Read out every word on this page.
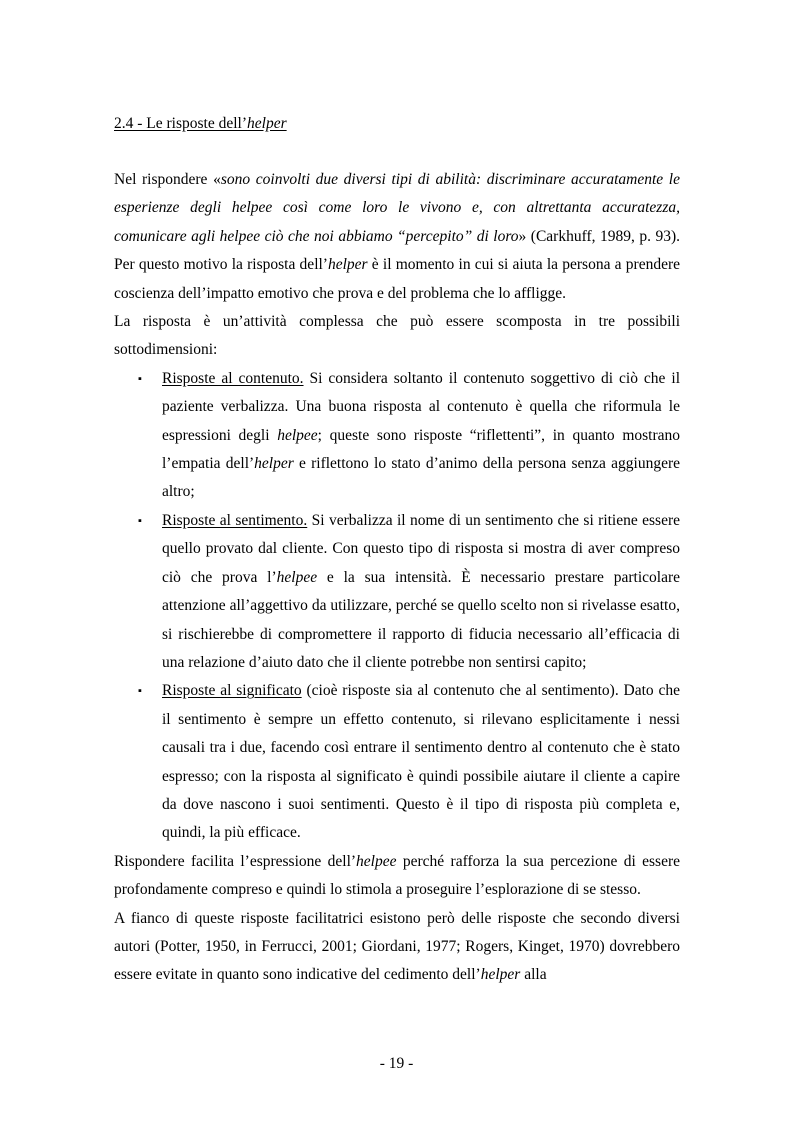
2.4 - Le risposte dell’helper

Nel rispondere «sono coinvolti due diversi tipi di abilità: discriminare accuratamente le esperienze degli helpee così come loro le vivono e, con altrettanta accuratezza, comunicare agli helpee ciò che noi abbiamo “percepito” di loro» (Carkhuff, 1989, p. 93). Per questo motivo la risposta dell’helper è il momento in cui si aiuta la persona a prendere coscienza dell’impatto emotivo che prova e del problema che lo affligge.

La risposta è un’attività complessa che può essere scomposta in tre possibili sottodimensioni:

▪ Risposte al contenuto. Si considera soltanto il contenuto soggettivo di ciò che il paziente verbalizza. Una buona risposta al contenuto è quella che riformula le espressioni degli helpee; queste sono risposte “riflettenti”, in quanto mostrano l’empatia dell’helper e riflettono lo stato d’animo della persona senza aggiungere altro;
▪ Risposte al sentimento. Si verbalizza il nome di un sentimento che si ritiene essere quello provato dal cliente. Con questo tipo di risposta si mostra di aver compreso ciò che prova l’helpee e la sua intensità. È necessario prestare particolare attenzione all’aggettivo da utilizzare, perché se quello scelto non si rivelasse esatto, si rischierebbe di compromettere il rapporto di fiducia necessario all’efficacia di una relazione d’aiuto dato che il cliente potrebbe non sentirsi capito;
▪ Risposte al significato (cioè risposte sia al contenuto che al sentimento). Dato che il sentimento è sempre un effetto contenuto, si rilevano esplicitamente i nessi causali tra i due, facendo così entrare il sentimento dentro al contenuto che è stato espresso; con la risposta al significato è quindi possibile aiutare il cliente a capire da dove nascono i suoi sentimenti. Questo è il tipo di risposta più completa e, quindi, la più efficace.

Rispondere facilita l’espressione dell’helpee perché rafforza la sua percezione di essere profondamente compreso e quindi lo stimola a proseguire l’esplorazione di se stesso.

A fianco di queste risposte facilitatrici esistono però delle risposte che secondo diversi autori (Potter, 1950, in Ferrucci, 2001; Giordani, 1977; Rogers, Kinget, 1970) dovrebbero essere evitate in quanto sono indicative del cedimento dell’helper alla

- 19 -
